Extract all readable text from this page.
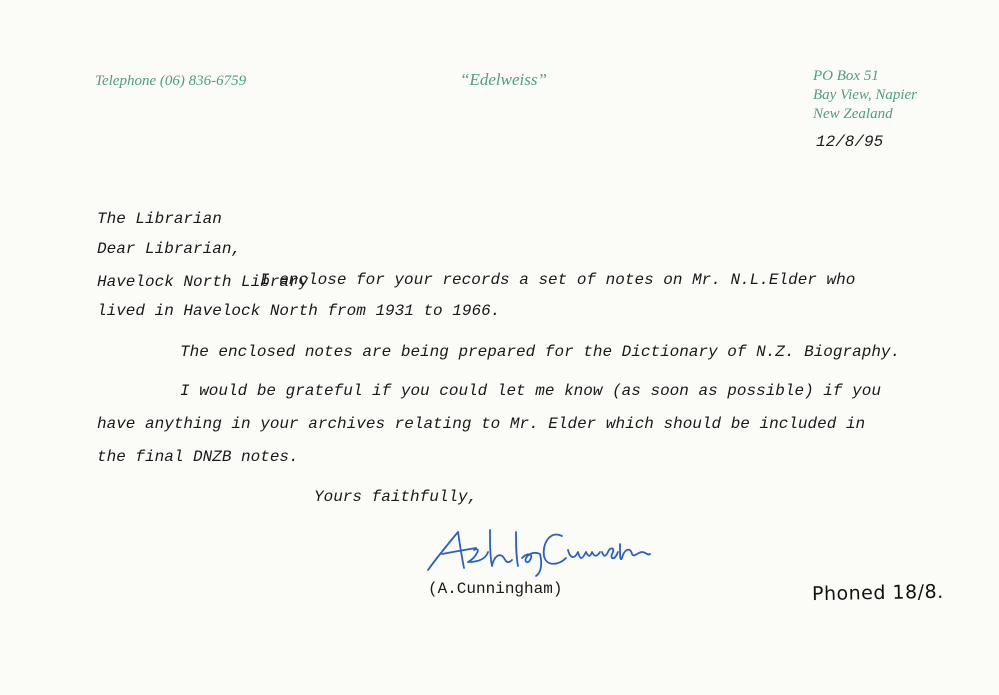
Telephone (06) 836-6759	“Edelweiss”	PO Box 51
Bay View, Napier
New Zealand
12/8/95

The Librarian

Havelock North Library

Dear Librarian,
I enclose for your records a set of notes on Mr. N.L.Elder who
lived in Havelock North from 1931 to 1966.
The enclosed notes are being prepared for the Dictionary of N.Z. Biography.
I would be grateful if you could let me know (as soon as possible) if you
have anything in your archives relating to Mr. Elder which should be included in
the final DNZB notes.
Yours faithfully,
(A.Cunningham)	Phoned 18/8.
